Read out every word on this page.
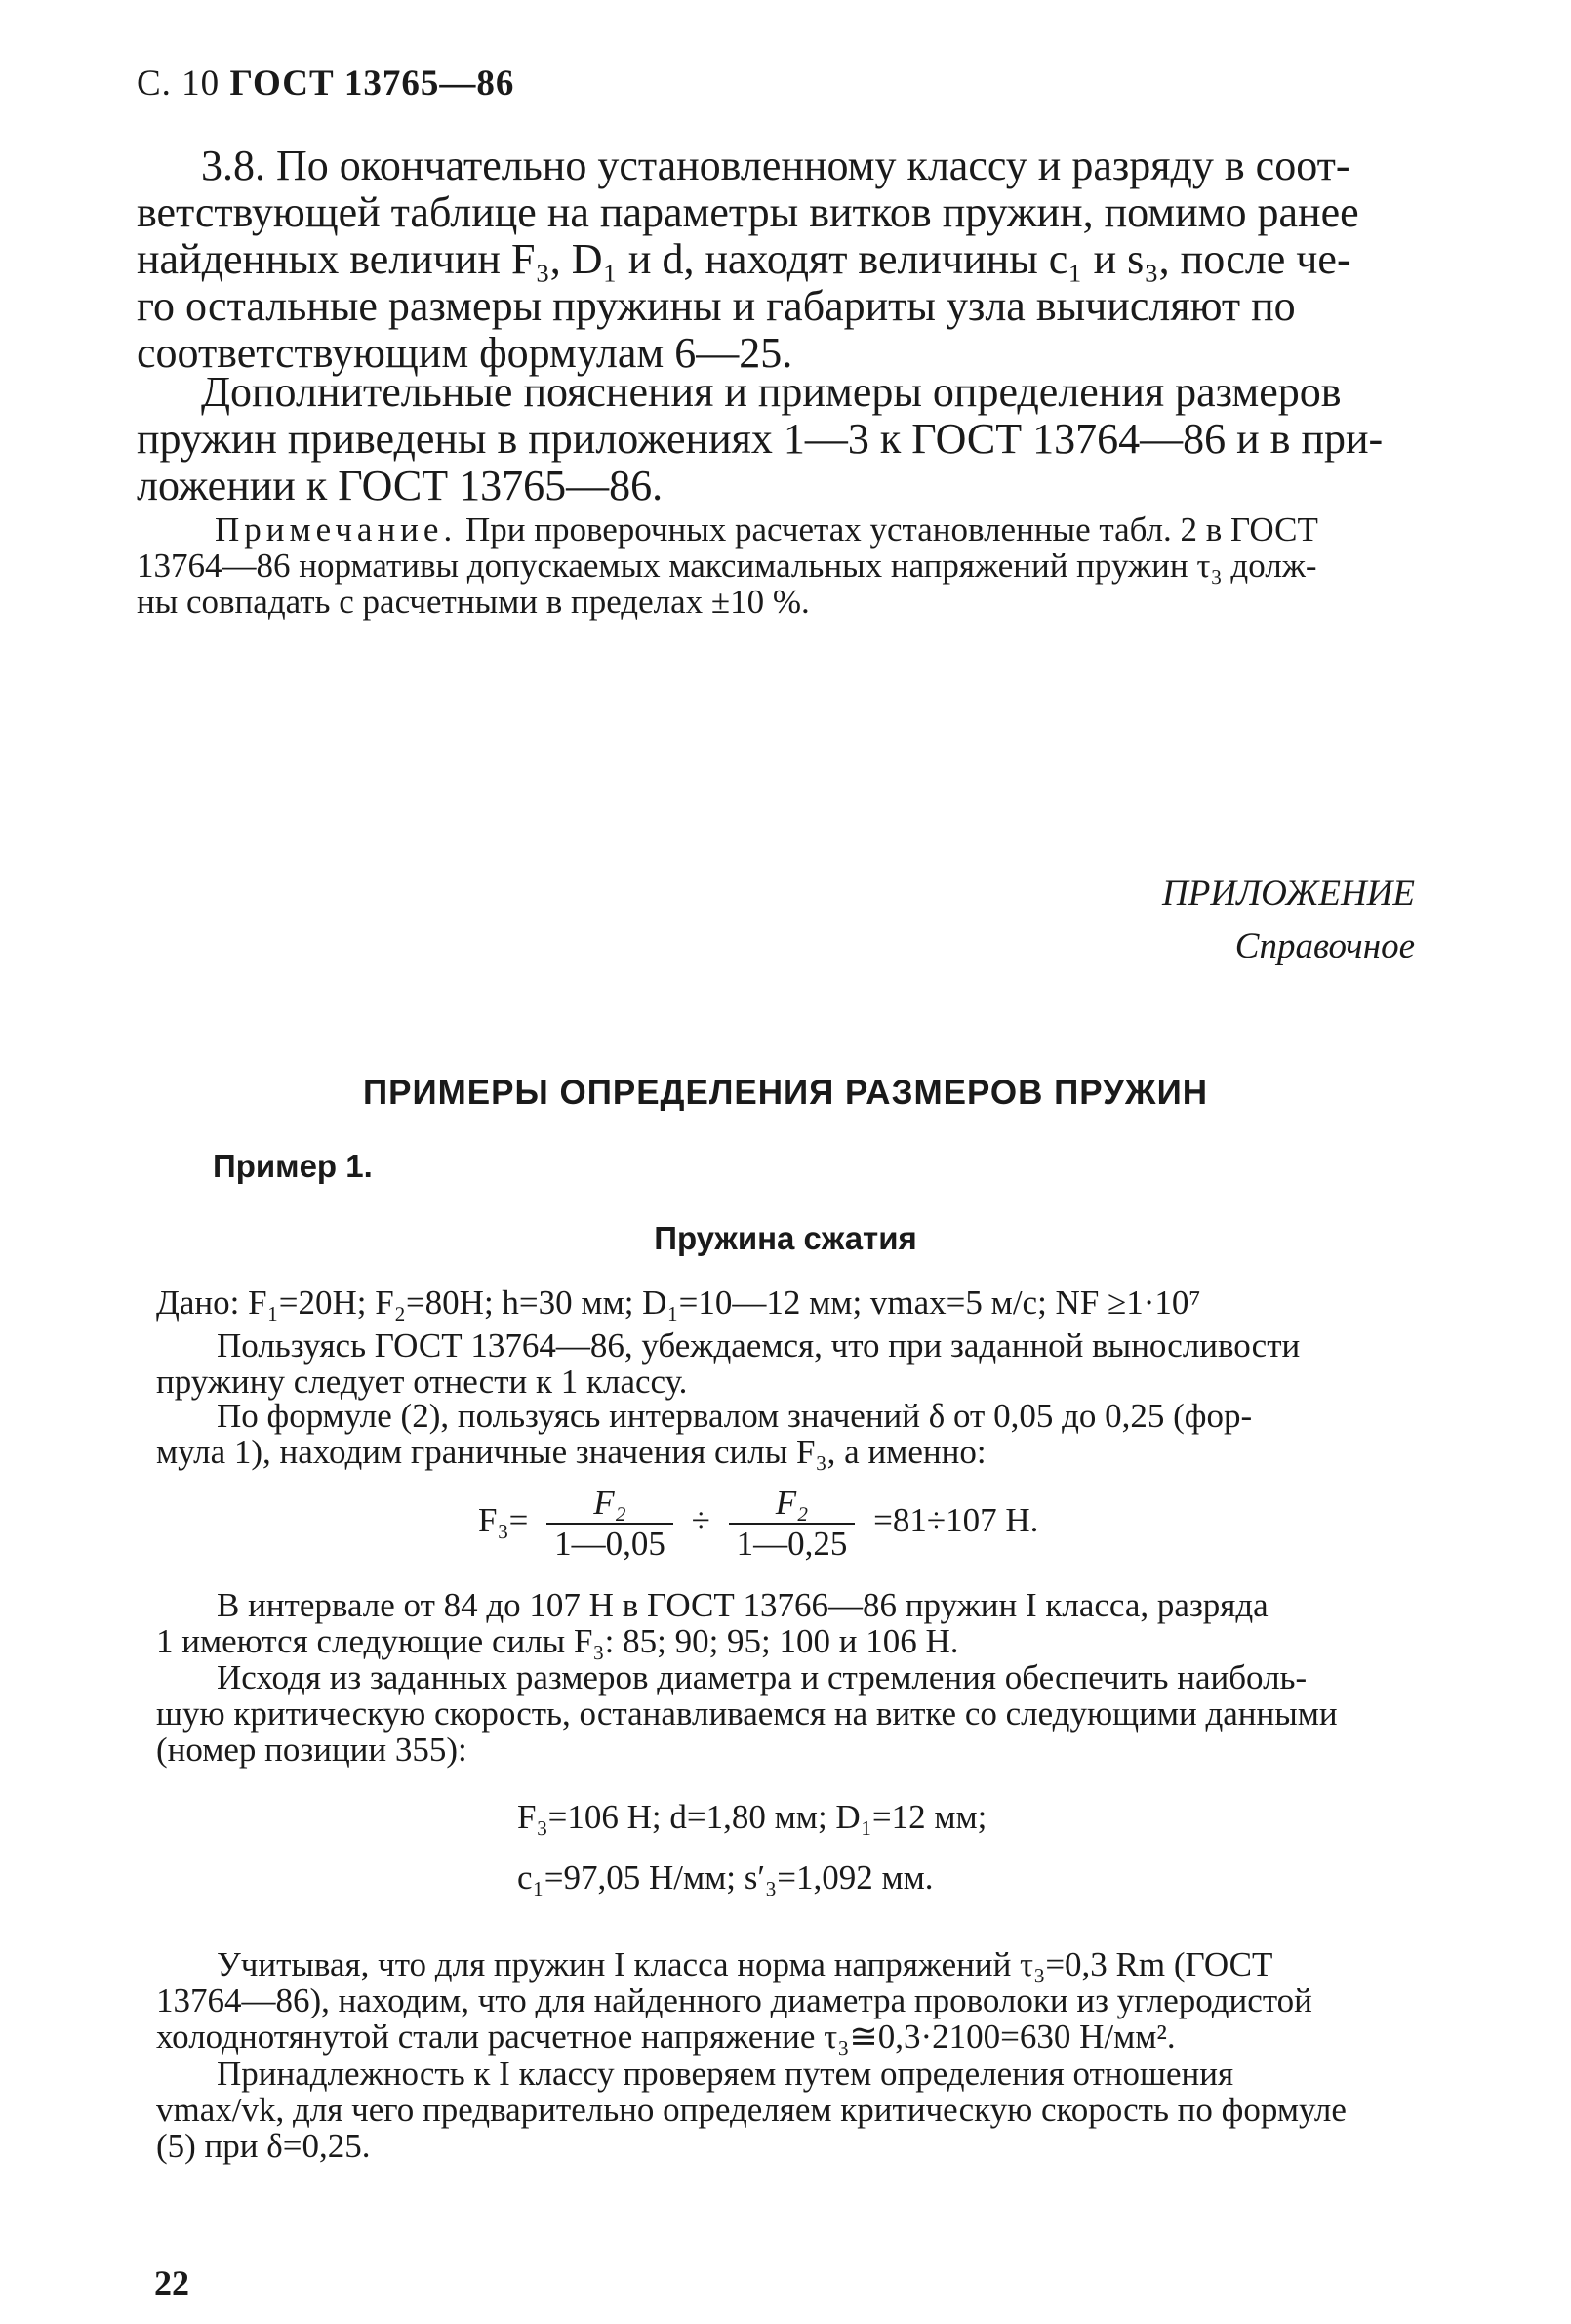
С. 10 ГОСТ 13765—86
3.8. По окончательно установленному классу и разряду в соот-
ветствующей таблице на параметры витков пружин, помимо ранее
найденных величин F₃, D₁ и d, находят величины c₁ и s₃, после че-
го остальные размеры пружины и габариты узла вычисляют по
соответствующим формулам 6—25.
Дополнительные пояснения и примеры определения размеров
пружин приведены в приложениях 1—3 к ГОСТ 13764—86 и в при-
ложении к ГОСТ 13765—86.
Примечание. При проверочных расчетах установленные табл. 2 в ГОСТ
13764—86 нормативы допускаемых максимальных напряжений пружин τ₃ долж-
ны совпадать с расчетными в пределах ±10 %.
ПРИЛОЖЕНИЕ
Справочное
ПРИМЕРЫ ОПРЕДЕЛЕНИЯ РАЗМЕРОВ ПРУЖИН
Пример 1.
Пружина сжатия
Дано: F₁=20Н; F₂=80Н; h=30 мм; D₁=10—12 мм; vmax=5 м/с; NF ≥1·10⁷
Пользуясь ГОСТ 13764—86, убеждаемся, что при заданной выносливости
пружину следует отнести к 1 классу.
По формуле (2), пользуясь интервалом значений δ от 0,05 до 0,25 (фор-
мула 1), находим граничные значения силы F₃, а именно:
$F_3= \frac{\text{F₂}}{1—0,05} \div \frac{\text{F₂}}{1—0,25} =81\div 107$ Н.
В интервале от 84 до 107 Н в ГОСТ 13766—86 пружин I класса, разряда
1 имеются следующие силы F₃: 85; 90; 95; 100 и 106 Н.
Исходя из заданных размеров диаметра и стремления обеспечить наиболь-
шую критическую скорость, останавливаемся на витке со следующими данными
(номер позиции 355):
F₃=106 Н; d=1,80 мм; D₁=12 мм;
c₁=97,05 Н/мм; s′₃=1,092 мм.
Учитывая, что для пружин I класса норма напряжений τ₃=0,3 Rm (ГОСТ
13764—86), находим, что для найденного диаметра проволоки из углеродистой
холоднотянутой стали расчетное напряжение τ₃≅0,3·2100=630 Н/мм².
Принадлежность к I классу проверяем путем определения отношения
vmax/vk, для чего предварительно определяем критическую скорость по формуле
(5) при δ=0,25.
22
